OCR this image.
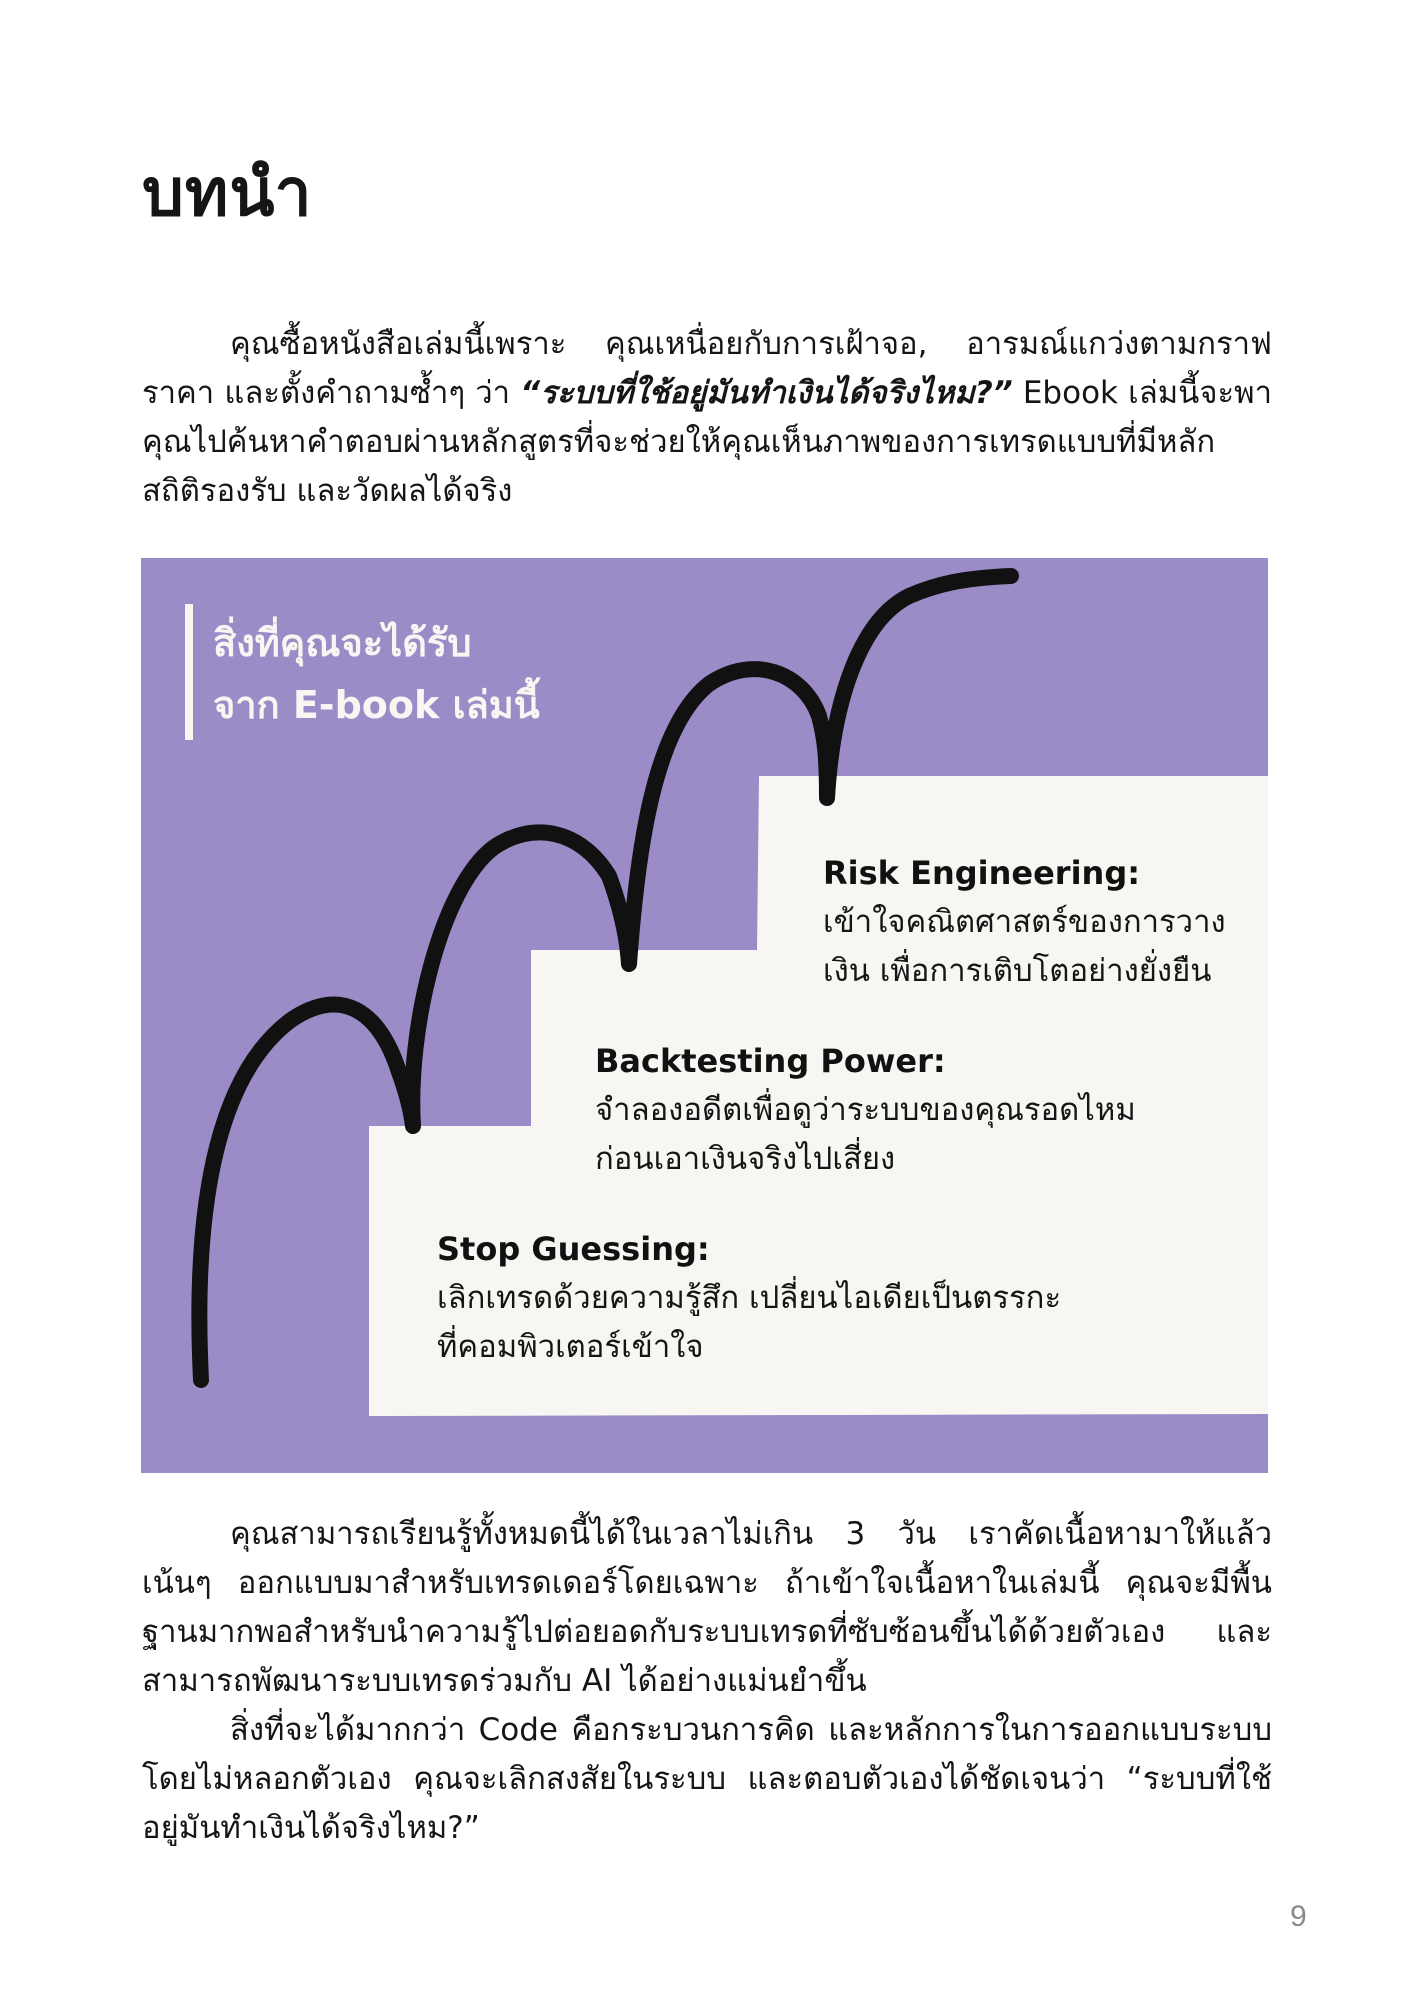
บทนำ

คุณซื้อหนังสือเล่มนี้เพราะ คุณเหนื่อยกับการเฝ้าจอ, อารมณ์แกว่งตามกราฟราคา และตั้งคำถามซ้ำๆ ว่า “ระบบที่ใช้อยู่มันทำเงินได้จริงไหม?” Ebook เล่มนี้จะพาคุณไปค้นหาคำตอบผ่านหลักสูตรที่จะช่วยให้คุณเห็นภาพของการเทรดแบบที่มีหลักสถิติรองรับ และวัดผลได้จริง

สิ่งที่คุณจะได้รับ
จาก E-book เล่มนี้
Risk Engineering:
เข้าใจคณิตศาสตร์ของการวาง
เงิน เพื่อการเติบโตอย่างยั่งยืน
Backtesting Power:
จำลองอดีตเพื่อดูว่าระบบของคุณรอดไหม
ก่อนเอาเงินจริงไปเสี่ยง
Stop Guessing:
เลิกเทรดด้วยความรู้สึก เปลี่ยนไอเดียเป็นตรรกะ
ที่คอมพิวเตอร์เข้าใจ

คุณสามารถเรียนรู้ทั้งหมดนี้ได้ในเวลาไม่เกิน 3 วัน เราคัดเนื้อหามาให้แล้วเน้นๆ ออกแบบมาสำหรับเทรดเดอร์โดยเฉพาะ ถ้าเข้าใจเนื้อหาในเล่มนี้ คุณจะมีพื้นฐานมากพอสำหรับนำความรู้ไปต่อยอดกับระบบเทรดที่ซับซ้อนขึ้นได้ด้วยตัวเอง และสามารถพัฒนาระบบเทรดร่วมกับ AI ได้อย่างแม่นยำขึ้น

สิ่งที่จะได้มากกว่า Code คือกระบวนการคิด และหลักการในการออกแบบระบบโดยไม่หลอกตัวเอง คุณจะเลิกสงสัยในระบบ และตอบตัวเองได้ชัดเจนว่า “ระบบที่ใช้อยู่มันทำเงินได้จริงไหม?”

9
